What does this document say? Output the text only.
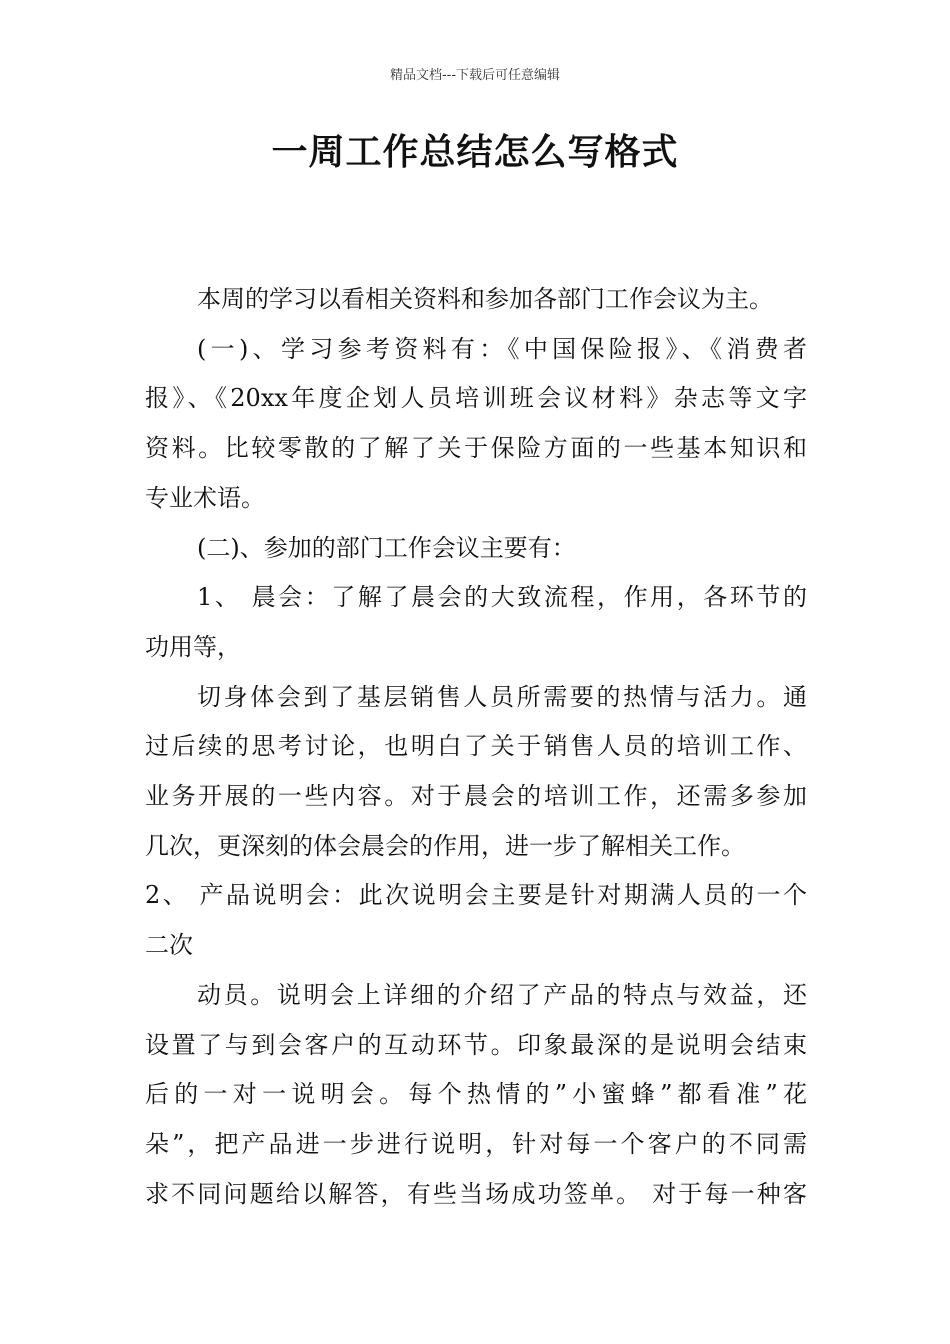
精品文档---下载后可任意编辑
一周工作总结怎么写格式
本周的学习以看相关资料和参加各部门工作会议为主。
(一)、学习参考资料有：《中国保险报》、《消费者
报》、《20xx年度企划人员培训班会议材料》杂志等文字
资料。比较零散的了解了关于保险方面的一些基本知识和
专业术语。
(二)、参加的部门工作会议主要有：
1、 晨会：了解了晨会的大致流程，作用，各环节的
功用等，
切身体会到了基层销售人员所需要的热情与活力。通
过后续的思考讨论，也明白了关于销售人员的培训工作、
业务开展的一些内容。对于晨会的培训工作，还需多参加
几次，更深刻的体会晨会的作用，进一步了解相关工作。
2、 产品说明会：此次说明会主要是针对期满人员的一个
二次
动员。说明会上详细的介绍了产品的特点与效益，还
设置了与到会客户的互动环节。印象最深的是说明会结束
后的一对一说明会。每个热情的”小蜜蜂”都看准”花
朵”，把产品进一步进行说明，针对每一个客户的不同需
求不同问题给以解答，有些当场成功签单。 对于每一种客
